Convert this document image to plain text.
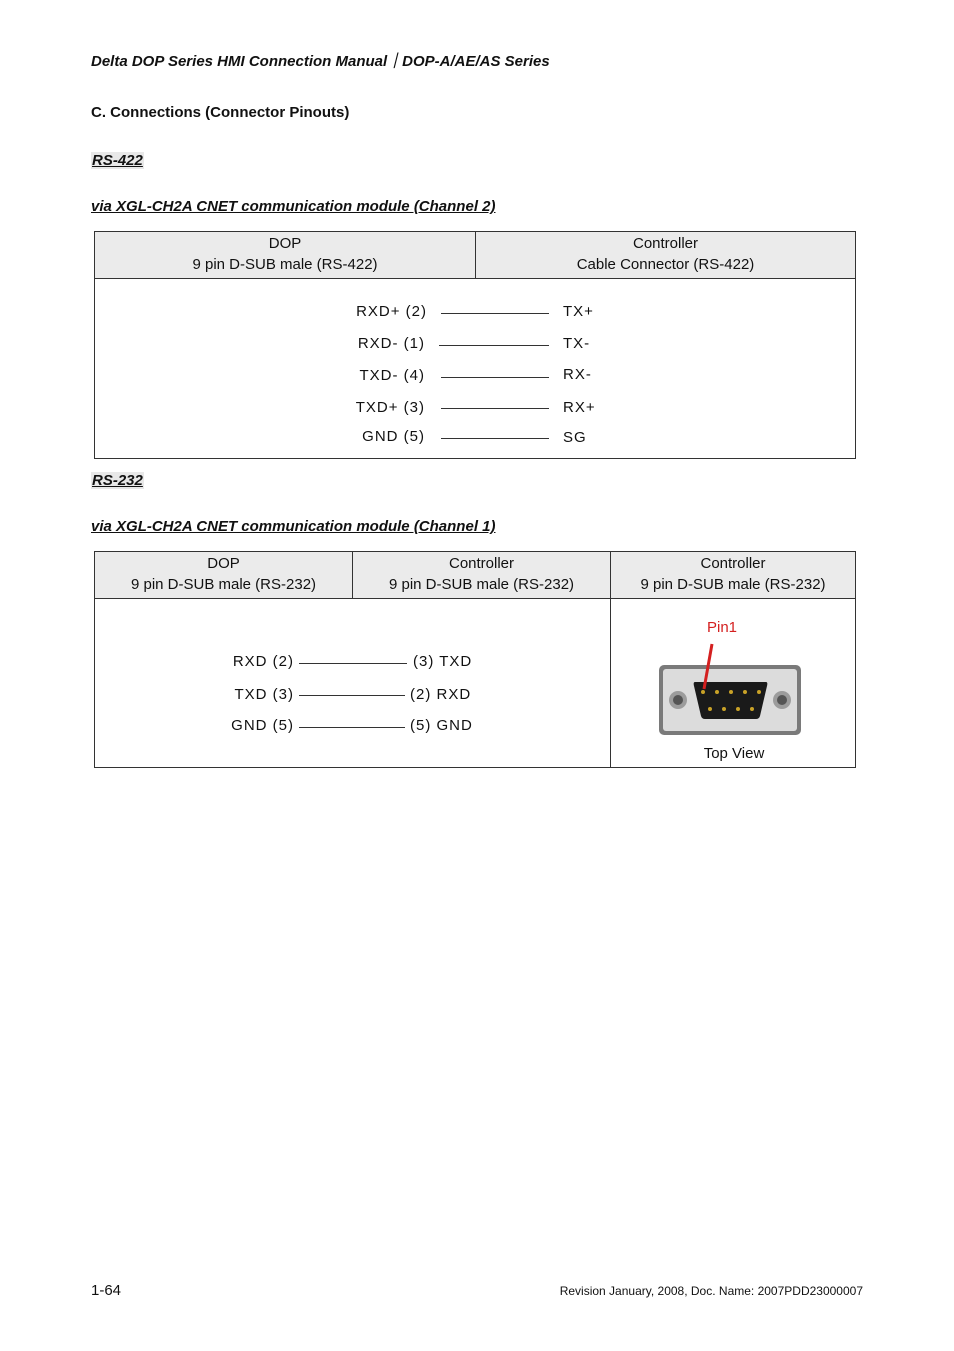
Delta DOP Series HMI Connection Manual｜DOP-A/AE/AS Series
C. Connections (Connector Pinouts)
RS-422
via XGL-CH2A CNET communication module (Channel 2)
DOP
9 pin D-SUB male (RS-422)
Controller
Cable Connector (RS-422)
RXD+ (2)	TX+
RXD- (1)	TX-
TXD- (4)	RX-
TXD+ (3)	RX+
GND (5)	SG
RS-232
via XGL-CH2A CNET communication module (Channel 1)
DOP
9 pin D-SUB male (RS-232)
Controller
9 pin D-SUB male (RS-232)
Controller
9 pin D-SUB male (RS-232)
RXD (2)	(3) TXD
TXD (3)	(2) RXD
GND (5)	(5) GND
Pin1
Top View
1-64	Revision January, 2008, Doc. Name: 2007PDD23000007
